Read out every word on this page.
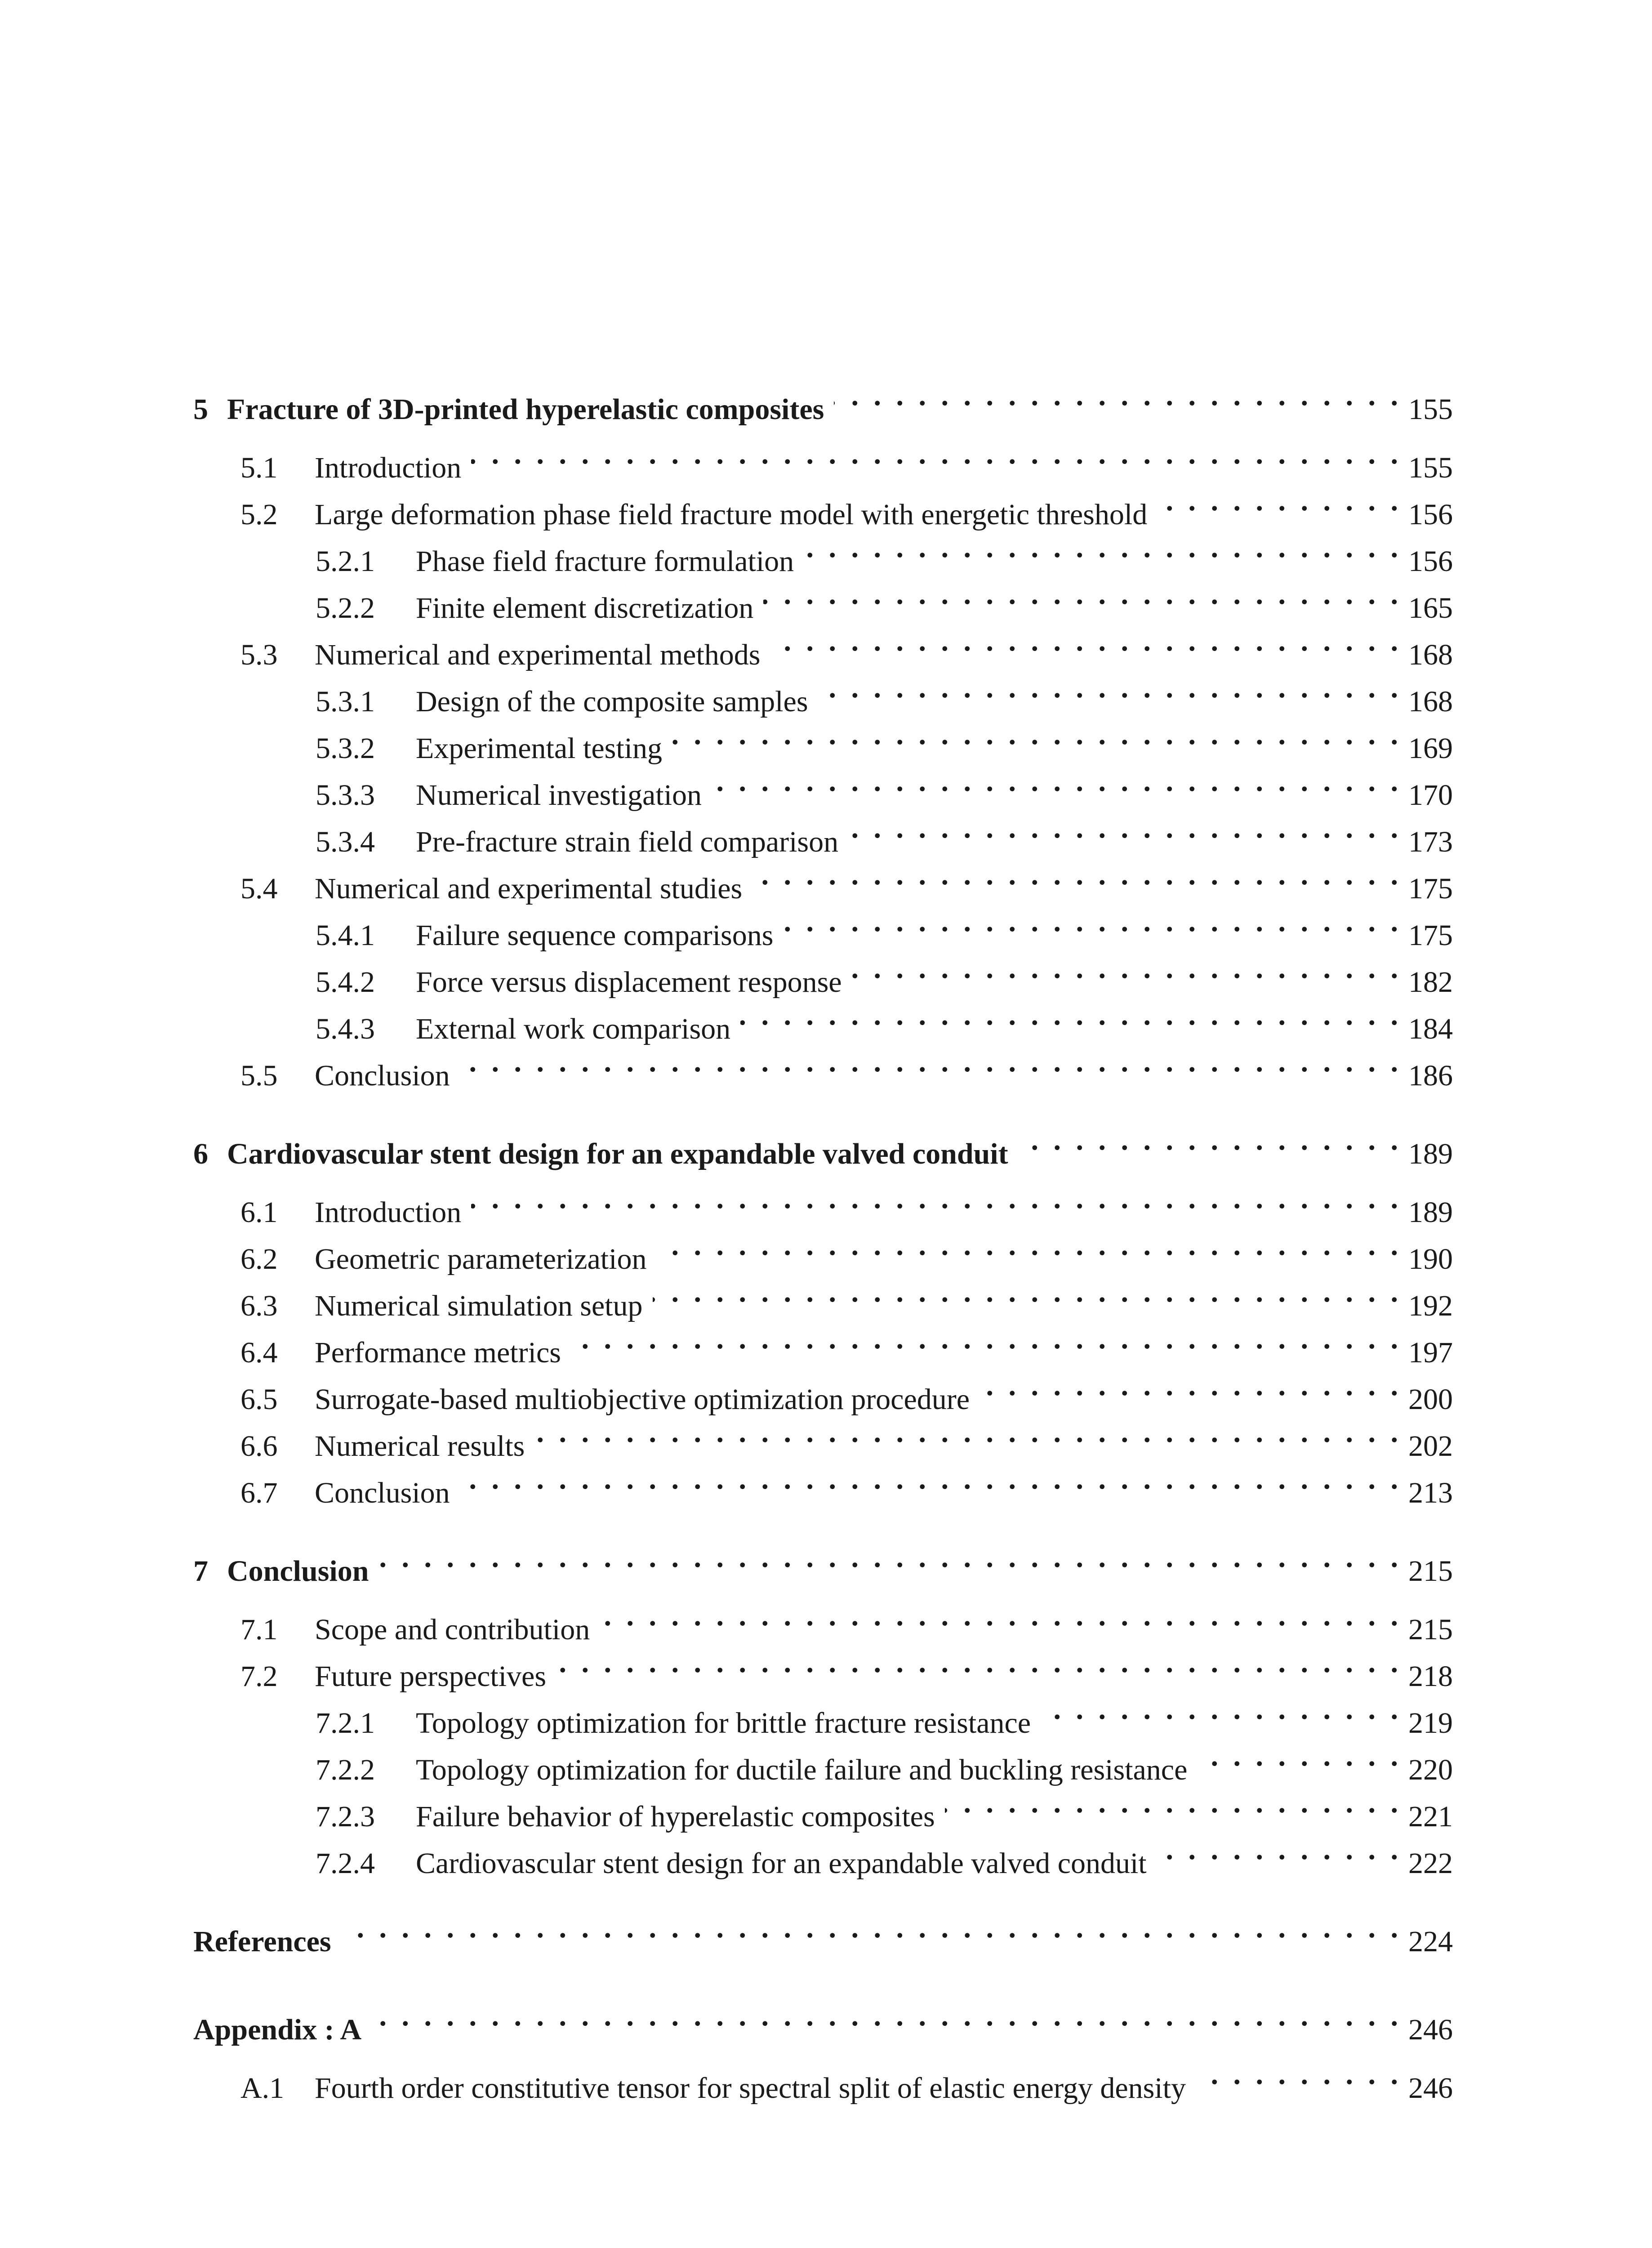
5 Fracture of 3D-printed hyperelastic composites . . .	155
5.1	Introduction . . .	155
5.2	Large deformation phase field fracture model with energetic threshold . . .	156
5.2.1	Phase field fracture formulation . . .	156
5.2.2	Finite element discretization . . .	165
5.3	Numerical and experimental methods . . .	168
5.3.1	Design of the composite samples . . .	168
5.3.2	Experimental testing . . .	169
5.3.3	Numerical investigation . . .	170
5.3.4	Pre-fracture strain field comparison . . .	173
5.4	Numerical and experimental studies . . .	175
5.4.1	Failure sequence comparisons . . .	175
5.4.2	Force versus displacement response . . .	182
5.4.3	External work comparison . . .	184
5.5	Conclusion . . .	186
6 Cardiovascular stent design for an expandable valved conduit . . .	189
6.1	Introduction . . .	189
6.2	Geometric parameterization . . .	190
6.3	Numerical simulation setup . . .	192
6.4	Performance metrics . . .	197
6.5	Surrogate-based multiobjective optimization procedure . . .	200
6.6	Numerical results . . .	202
6.7	Conclusion . . .	213
7 Conclusion . . .	215
7.1	Scope and contribution . . .	215
7.2	Future perspectives . . .	218
7.2.1	Topology optimization for brittle fracture resistance . . .	219
7.2.2	Topology optimization for ductile failure and buckling resistance . . .	220
7.2.3	Failure behavior of hyperelastic composites . . .	221
7.2.4	Cardiovascular stent design for an expandable valved conduit . . .	222
References . . .	224
Appendix : A . . .	246
A.1	Fourth order constitutive tensor for spectral split of elastic energy density . . .	246
